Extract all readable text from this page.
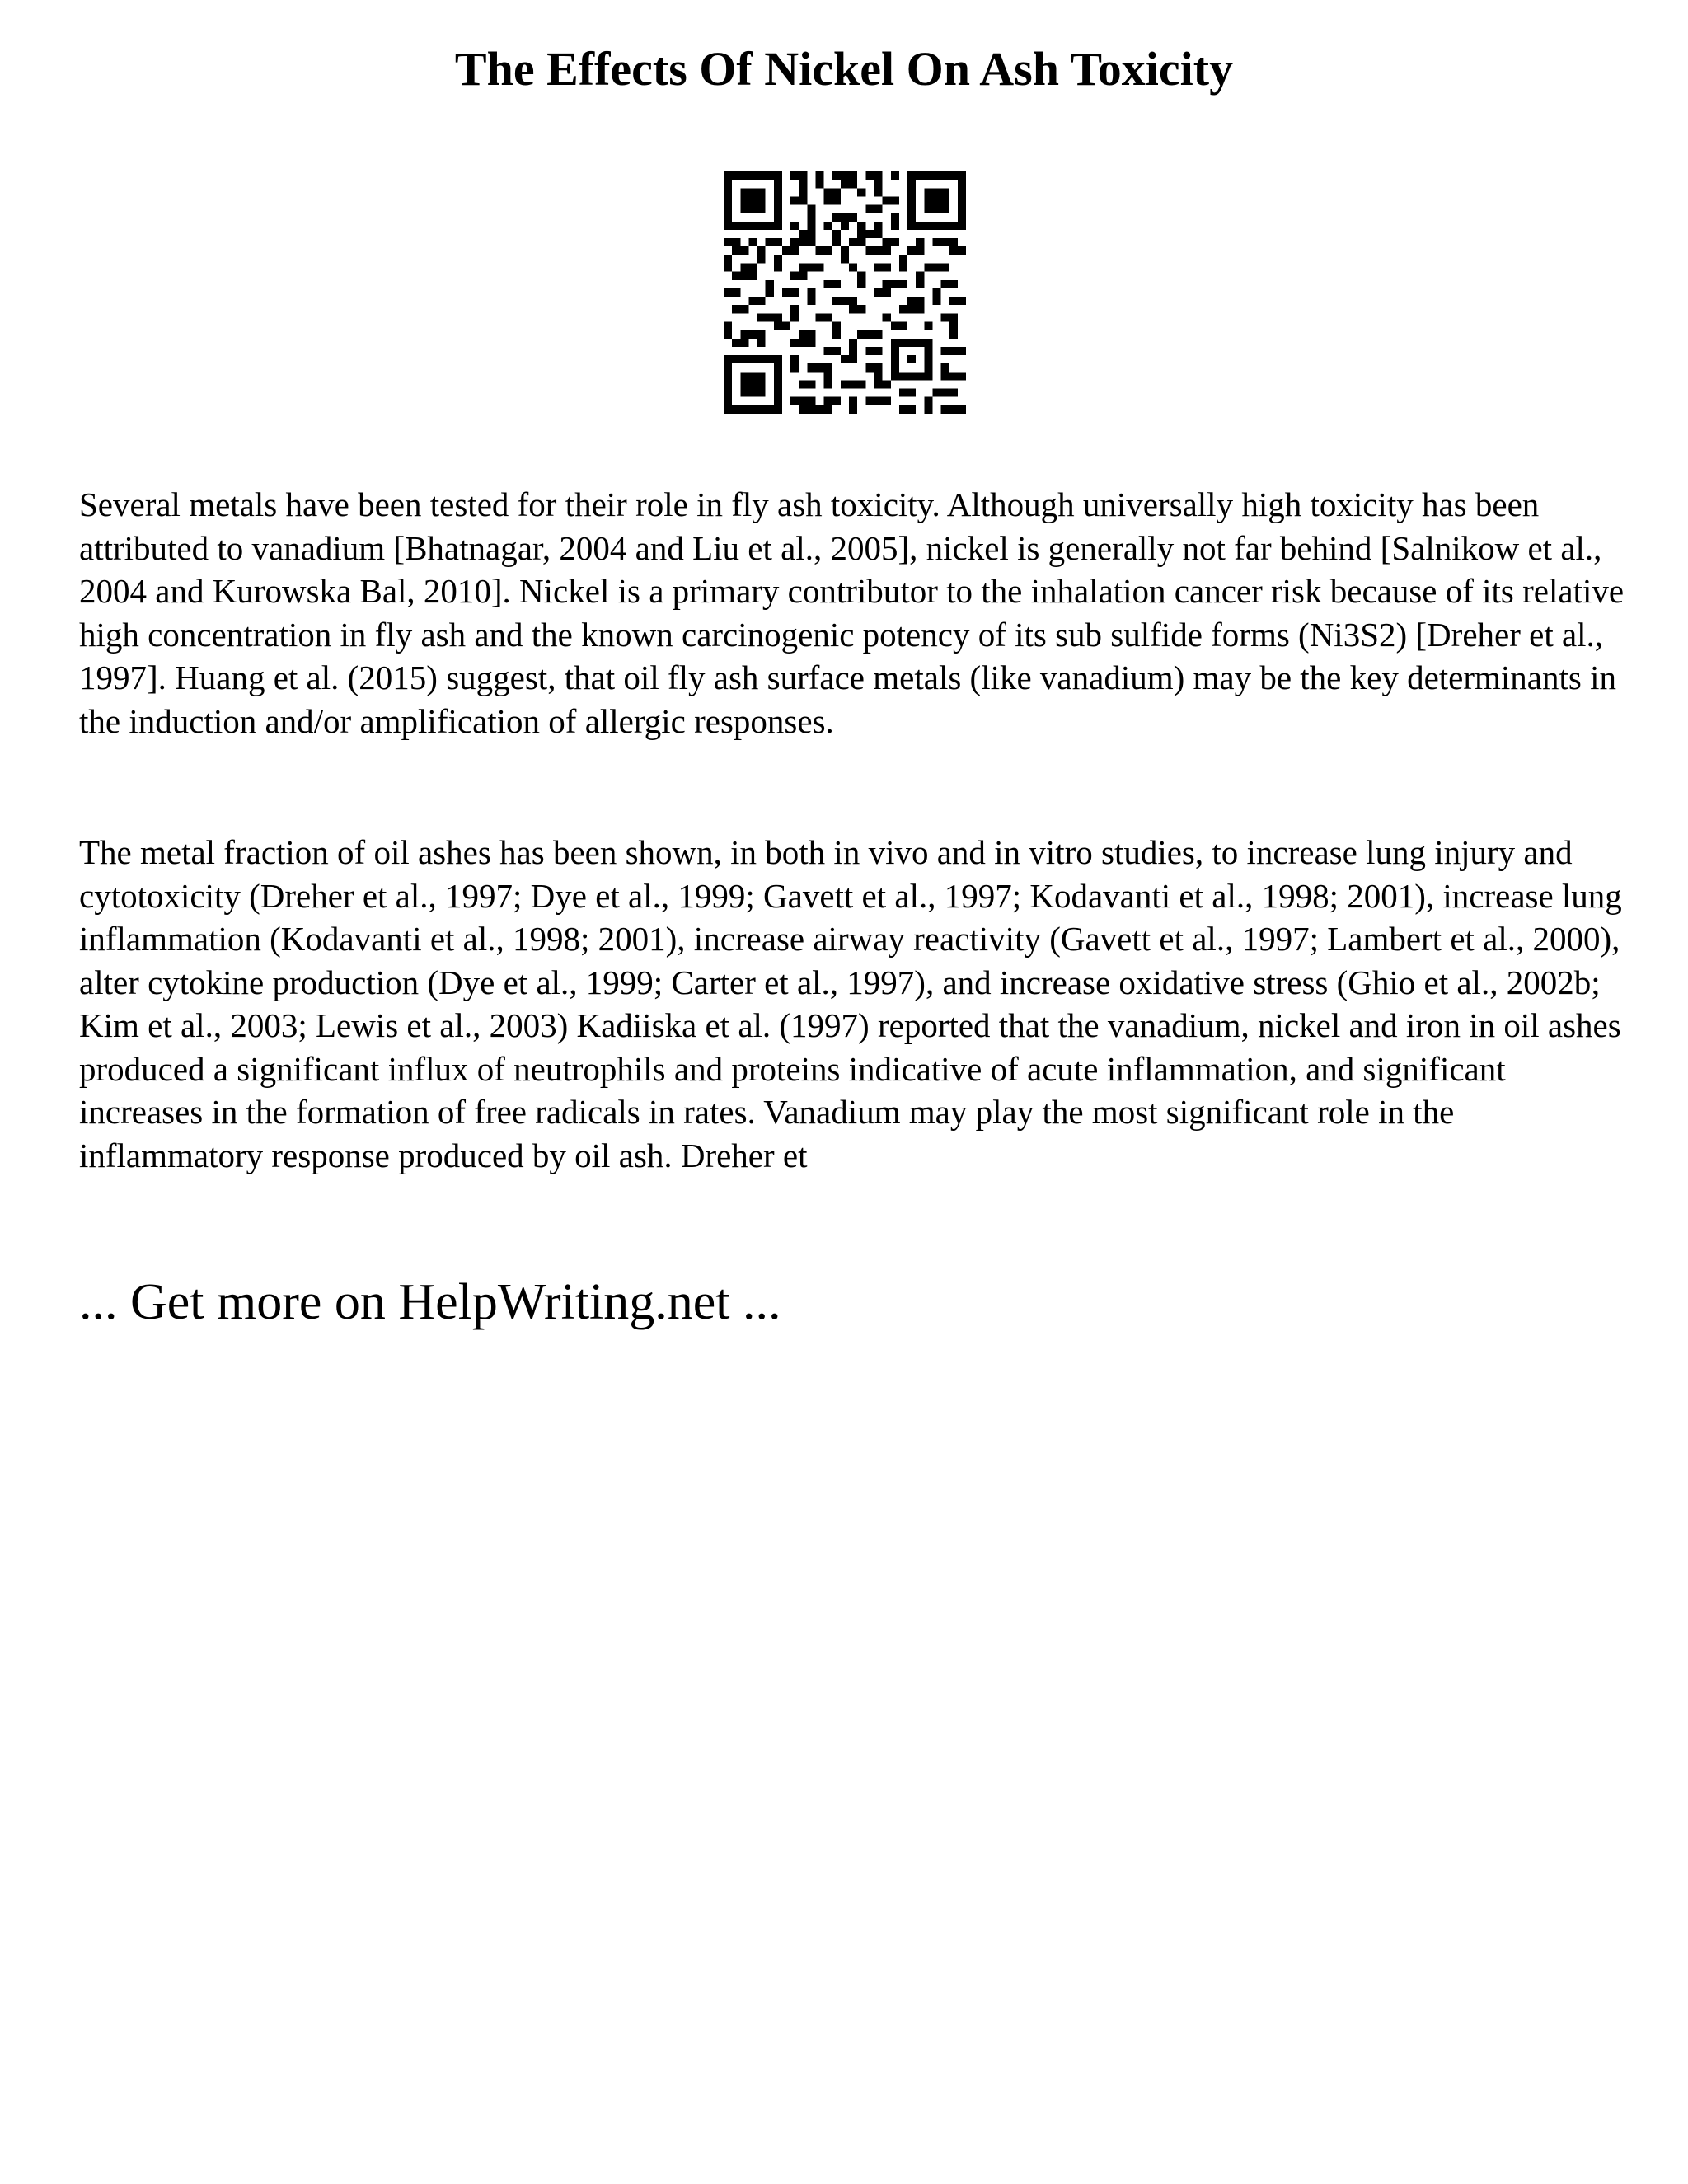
The Effects Of Nickel On Ash Toxicity

Several metals have been tested for their role in fly ash toxicity. Although universally high toxicity has been attributed to vanadium [Bhatnagar, 2004 and Liu et al., 2005], nickel is generally not far behind [Salnikow et al., 2004 and Kurowska Bal, 2010]. Nickel is a primary contributor to the inhalation cancer risk because of its relative high concentration in fly ash and the known carcinogenic potency of its sub sulfide forms (Ni3S2) [Dreher et al., 1997]. Huang et al. (2015) suggest, that oil fly ash surface metals (like vanadium) may be the key determinants in the induction and/or amplification of allergic responses.

The metal fraction of oil ashes has been shown, in both in vivo and in vitro studies, to increase lung injury and cytotoxicity (Dreher et al., 1997; Dye et al., 1999; Gavett et al., 1997; Kodavanti et al., 1998; 2001), increase lung inflammation (Kodavanti et al., 1998; 2001), increase airway reactivity (Gavett et al., 1997; Lambert et al., 2000), alter cytokine production (Dye et al., 1999; Carter et al., 1997), and increase oxidative stress (Ghio et al., 2002b; Kim et al., 2003; Lewis et al., 2003) Kadiiska et al. (1997) reported that the vanadium, nickel and iron in oil ashes produced a significant influx of neutrophils and proteins indicative of acute inflammation, and significant increases in the formation of free radicals in rates. Vanadium may play the most significant role in the inflammatory response produced by oil ash. Dreher et

... Get more on HelpWriting.net ...
